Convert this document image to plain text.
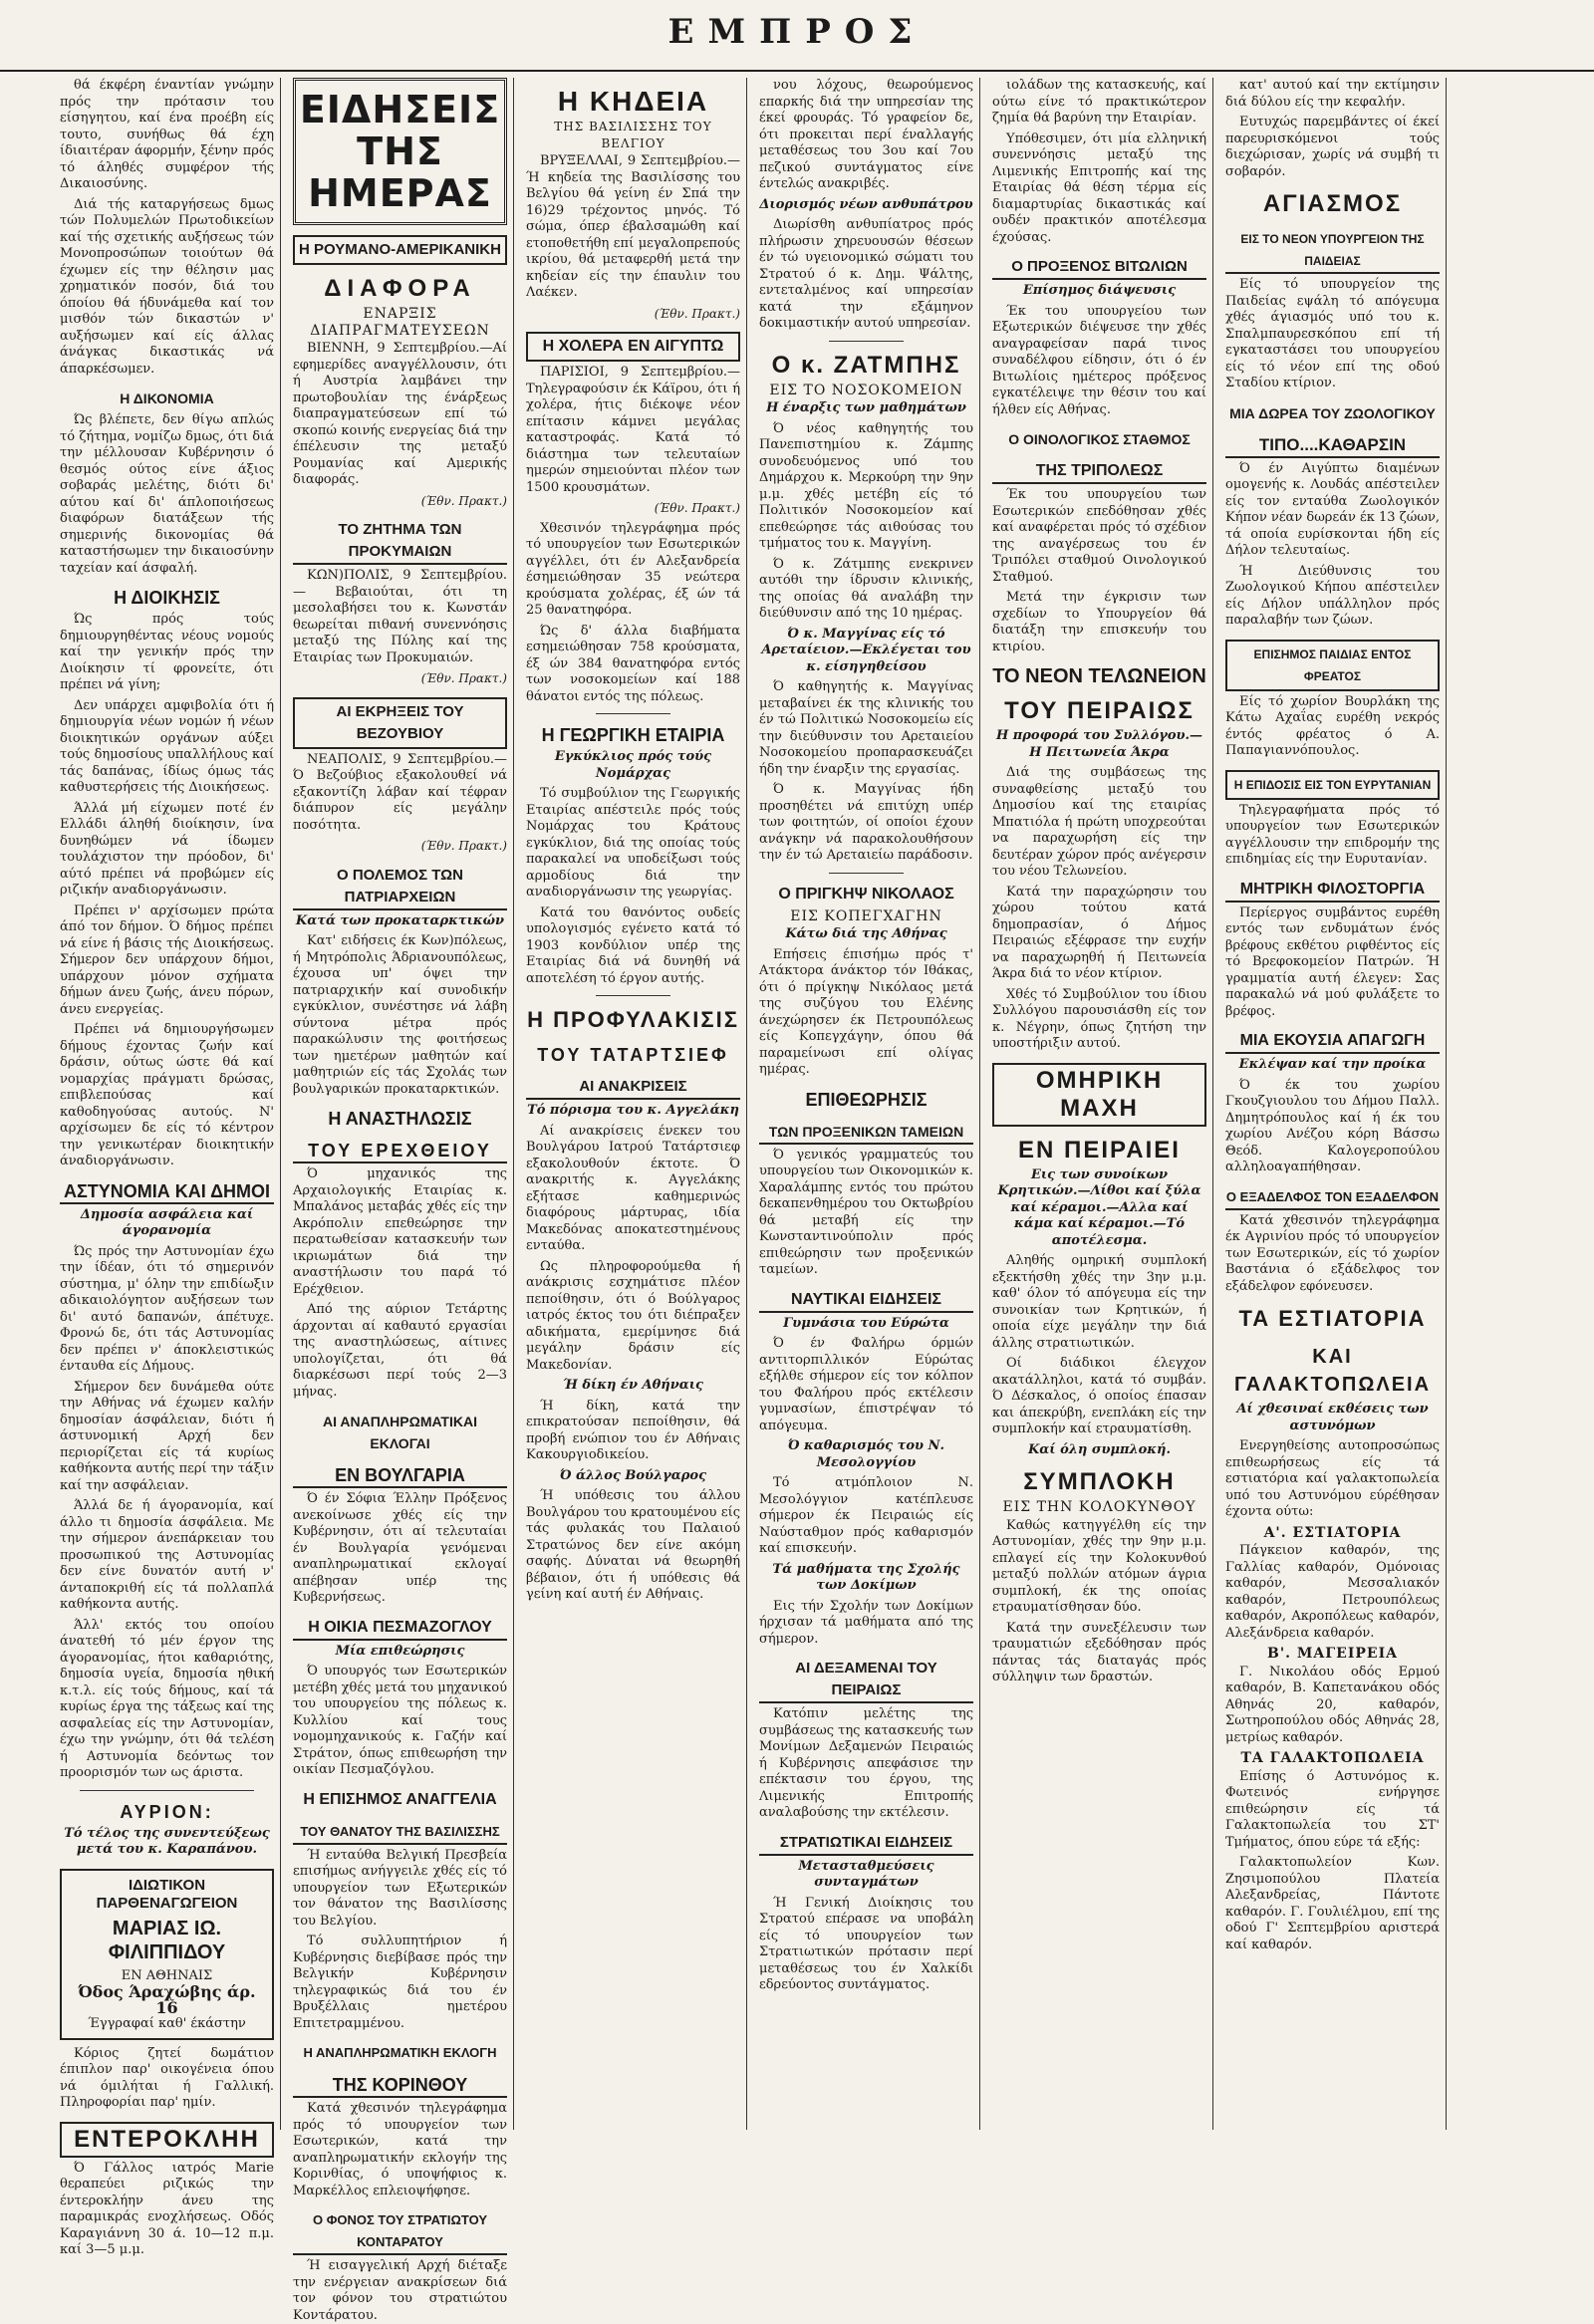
ΕΜΠΡΟΣ

θά έκφέρη έναντίαν γνώμην πρός την πρότασιν του είσηγητου, καί ένα προέβη είς τουτο, συνήθως θά έχη ίδιαιτέραν άφορμήν, ξένην πρός τό άληθές συμφέρον τής Δικαιοσύνης.

Διά τής καταργήσεως δμως τών Πολυμελών Πρωτοδικείων καί τής σχετικής αυξήσεως τών Μονοπροσώπων τοιούτων θά έχωμεν είς την θέλησιν μας χρηματικόν ποσόν, διά του όποίου θά ήδυνάμεθα καί τον μισθόν τών δικαστών ν' αυξήσωμεν καί είς άλλας άνάγκας δικαστικάς νά άπαρκέσωμεν.

Η ΔΙΚΟΝΟΜΙΑ

Ώς βλέπετε, δεν θίγω απλώς τό ζήτημα, νομίζω δμως, ότι διά την μέλλουσαν Κυβέρνησιν ό θεσμός ούτος είνε άξιος σοβαράς μελέτης, διότι δι' αύτου καί δι' άπλοποιήσεως διαφόρων διατάξεων τής σημερινής δικονομίας θά καταστήσωμεν την δικαιοσύνην ταχείαν καί άσφαλή.

Η ΔΙΟΙΚΗΣΙΣ

Ώς πρός τούς δημιουργηθέντας νέους νομούς καί την γενικήν πρός την Διοίκησιν τί φρονείτε, ότι πρέπει νά γίνη;

Δεν υπάρχει αμφιβολία ότι ή δημιουργία νέων νομών ή νέων διοικητικών οργάνων αύξει τούς δημοσίους υπαλλήλους καί τάς δαπάνας, ίδίως όμως τάς καθυστερήσεις τής Διοικήσεως.

Άλλά μή είχωμεν ποτέ έν Ελλάδι άληθή διοίκησιν, ίνα δυνηθώμεν νά ίδωμεν τουλάχιστον την πρόοδον, δι' αύτό πρέπει νά προβώμεν είς ριζικήν αναδιοργάνωσιν.

Πρέπει ν' αρχίσωμεν πρώτα άπό τον δήμον. Ό δήμος πρέπει νά είνε ή βάσις τής Διοικήσεως. Σήμερον δεν υπάρχουν δήμοι, υπάρχουν μόνον σχήματα δήμων άνευ ζωής, άνευ πόρων, άνευ ενεργείας.

Πρέπει νά δημιουργήσωμεν δήμους έχοντας ζωήν καί δράσιν, ούτως ώστε θά καί νομαρχίας πράγματι δρώσας, επιβλεπούσας καί καθοδηγούσας αυτούς. Ν' αρχίσωμεν δε είς τό κέντρον την γενικωτέραν διοικητικήν άναδιοργάνωσιν.

ΑΣΤΥΝΟΜΙΑ ΚΑΙ ΔΗΜΟΙ
Δημοσία ασφάλεια καί άγορανομία

Ώς πρός την Αστυνομίαν έχω την ίδέαν, ότι τό σημερινόν σύστημα, μ' όλην την επιδίωξιν αδικαιολόγητον αυξήσεων των δι' αυτό δαπανών, άπέτυχε. Φρονώ δε, ότι τάς Αστυνομίας δεν πρέπει ν' άποκλειστικώς ένταυθα είς Δήμους.

Σήμερον δεν δυνάμεθα ούτε την Αθήνας νά έχωμεν καλήν δημοσίαν άσφάλειαν, διότι ή άστυνομική Αρχή δεν περιορίζεται είς τά κυρίως καθήκοντα αυτής περί την τάξιν καί την ασφάλειαν.

Άλλά δε ή άγορανομία, καί άλλο τι δημοσία άσφάλεια. Με την σήμερον άνεπάρκειαν του προσωπικού της Αστυνομίας δεν είνε δυνατόν αυτή ν' άνταποκριθή είς τά πολλαπλά καθήκοντα αυτής.

Άλλ' εκτός του οποίου άνατεθή τό μέν έργον της άγορανομίας, ήτοι καθαριότης, δημοσία υγεία, δημοσία ηθική κ.τ.λ. είς τούς δήμους, καί τά κυρίως έργα της τάξεως καί της ασφαλείας είς την Αστυνομίαν, έχω την γνώμην, ότι θά τελέση ή Αστυνομία δεόντως τον προορισμόν των ως άριστα.

ΑΥΡΙΟΝ:
Τό τέλος της συνεντεύξεως μετά του κ. Καραπάνου.
ΙΔΙΩΤΙΚΟΝ ΠΑΡΘΕΝΑΓΩΓΕΙΟΝ
ΜΑΡΙΑΣ ΙΩ. ΦΙΛΙΠΠΙΔΟΥ
ΕΝ ΑΘΗΝΑΙΣ
Όδος Άραχώβης άρ. 16
Έγγραφαί καθ' έκάστην

Κόριος ζητεί δωμάτιον έπιπλον παρ' οικογένεια όπου νά όμιλήται ή Γαλλική. Πληροφορίαι παρ' ημίν.

ΕΝΤΕΡΟΚΛΗΗ

Ό Γάλλος ιατρός Marie θεραπεύει ριζικώς την έντεροκλήην άνευ της παραμικράς ενοχλήσεως. Οδός Καραγιάννη 30 ά. 10—12 π.μ. καί 3—5 μ.μ.

ΕΙΔΗΣΕΙΣ ΤΗΣ ΗΜΕΡΑΣ
Η ΡΟΥΜΑΝΟ-ΑΜΕΡΙΚΑΝΙΚΗ
ΔΙΑΦΟΡΑ
ΕΝΑΡΞΙΣ ΔΙΑΠΡΑΓΜΑΤΕΥΣΕΩΝ

ΒΙΕΝΝΗ, 9 Σεπτεμβρίου.—Αί εφημερίδες αναγγέλλουσιν, ότι ή Αυστρία λαμβάνει την πρωτοβουλίαν της ένάρξεως διαπραγματεύσεων επί τώ σκοπώ κοινής ενεργείας διά την έπέλευσιν της μεταξύ Ρουμανίας καί Αμερικής διαφοράς.

(Έθν. Πρακτ.)
ΤΟ ΖΗΤΗΜΑ ΤΩΝ ΠΡΟΚΥΜΑΙΩΝ

ΚΩΝ)ΠΟΛΙΣ, 9 Σεπτεμβρίου.— Βεβαιούται, ότι τη μεσολαβήσει του κ. Κωνστάν θεωρείται πιθανή συνεννόησις μεταξύ της Πύλης καί της Εταιρίας των Προκυμαιών.

(Έθν. Πρακτ.)
ΑΙ ΕΚΡΗΞΕΙΣ ΤΟΥ ΒΕΖΟΥΒΙΟΥ

ΝΕΑΠΟΛΙΣ, 9 Σεπτεμβρίου.—Ό Βεζούβιος εξακολουθεί νά εξακοντίζη λάβαν καί τέφραν διάπυρον είς μεγάλην ποσότητα.

(Έθν. Πρακτ.)
Ο ΠΟΛΕΜΟΣ ΤΩΝ ΠΑΤΡΙΑΡΧΕΙΩΝ
Κατά των προκαταρκτικών

Κατ' ειδήσεις έκ Κων)πόλεως, ή Μητρόπολις Άδριανουπόλεως, έχουσα υπ' όψει την πατριαρχικήν καί συνοδικήν εγκύκλιον, συνέστησε νά λάβη σύντονα μέτρα πρός παρακώλυσιν της φοιτήσεως των ημετέρων μαθητών καί μαθητριών είς τάς Σχολάς των βουλγαρικών προκαταρκτικών.

Η ΑΝΑΣΤΗΛΩΣΙΣ
ΤΟΥ ΕΡΕΧΘΕΙΟΥ

Ό μηχανικός της Αρχαιολογικής Εταιρίας κ. Μπαλάνος μεταβάς χθές είς την Ακρόπολιν επεθεώρησε την περατωθείσαν κατασκευήν των ικριωμάτων διά την αναστήλωσιν του παρά τό Ερέχθειον.

Από της αύριον Τετάρτης άρχονται αί καθαυτό εργασίαι της αναστηλώσεως, αίτινες υπολογίζεται, ότι θά διαρκέσωσι περί τούς 2—3 μήνας.

ΑΙ ΑΝΑΠΛΗΡΩΜΑΤΙΚΑΙ ΕΚΛΟΓΑΙ
ΕΝ ΒΟΥΛΓΑΡΙΑ

Ό έν Σόφια Έλλην Πρόξενος ανεκοίνωσε χθές είς την Κυβέρνησιν, ότι αί τελευταίαι έν Βουλγαρία γενόμεναι αναπληρωματικαί εκλογαί απέβησαν υπέρ της Κυβερνήσεως.

Η ΟΙΚΙΑ ΠΕΣΜΑΖΟΓΛΟΥ
Μία επιθεώρησις

Ό υπουργός των Εσωτερικών μετέβη χθές μετά του μηχανικού του υπουργείου της πόλεως κ. Κυλλίου καί τους νομομηχανικούς κ. Γαζήν καί Στράτον, όπως επιθεωρήση την οικίαν Πεσμαζόγλου.

Η ΕΠΙΣΗΜΟΣ ΑΝΑΓΓΕΛΙΑ
ΤΟΥ ΘΑΝΑΤΟΥ ΤΗΣ ΒΑΣΙΛΙΣΣΗΣ

Ή ενταύθα Βελγική Πρεσβεία επισήμως ανήγγειλε χθές είς τό υπουργείον των Εξωτερικών τον θάνατον της Βασιλίσσης του Βελγίου.

Τό συλλυπητήριον ή Κυβέρνησις διεβίβασε πρός την Βελγικήν Κυβέρνησιν τηλεγραφικώς διά του έν Βρυξέλλαις ημετέρου Επιτετραμμένου.

Η ΑΝΑΠΛΗΡΩΜΑΤΙΚΗ ΕΚΛΟΓΗ
ΤΗΣ ΚΟΡΙΝΘΟΥ

Κατά χθεσινόν τηλεγράφημα πρός τό υπουργείον των Εσωτερικών, κατά την αναπληρωματικήν εκλογήν της Κορινθίας, ό υποψήφιος κ. Μαρκέλλος επλειοψήφησε.

Ο ΦΟΝΟΣ ΤΟΥ ΣΤΡΑΤΙΩΤΟΥ ΚΟΝΤΑΡΑΤΟΥ

Ή εισαγγελική Αρχή διέταξε την ενέργειαν ανακρίσεων διά τον φόνον του στρατιώτου Κοντάρατου.

Η ΚΗΔΕΙΑ
ΤΗΣ ΒΑΣΙΛΙΣΣΗΣ ΤΟΥ ΒΕΛΓΙΟΥ

ΒΡΥΞΕΛΛΑΙ, 9 Σεπτεμβρίου.—Ή κηδεία της Βασιλίσσης του Βελγίου θά γείνη έν Σπά την 16)29 τρέχοντος μηνός. Τό σώμα, όπερ έβαλσαμώθη καί ετοποθετήθη επί μεγαλοπρεπούς ικρίου, θά μεταφερθή μετά την κηδείαν είς την έπαυλιν του Λαέκεν.

(Έθν. Πρακτ.)
Η ΧΟΛΕΡΑ ΕΝ ΑΙΓΥΠΤΩ

ΠΑΡΙΣΙΟΙ, 9 Σεπτεμβρίου.—Τηλεγραφούσιν έκ Κάϊρου, ότι ή χολέρα, ήτις διέκοψε νέον επίτασιν κάμνει μεγάλας καταστροφάς. Κατά τό διάστημα των τελευταίων ημερών σημειούνται πλέον των 1500 κρουσμάτων.

(Έθν. Πρακτ.)

Χθεσινόν τηλεγράφημα πρός τό υπουργείον των Εσωτερικών αγγέλλει, ότι έν Αλεξανδρεία έσημειώθησαν 35 νεώτερα κρούσματα χολέρας, έξ ών τά 25 θανατηφόρα.

Ώς δ' άλλα διαβήματα εσημειώθησαν 758 κρούσματα, έξ ών 384 θανατηφόρα εντός των νοσοκομείων καί 188 θάνατοι εντός της πόλεως.

Η ΓΕΩΡΓΙΚΗ ΕΤΑΙΡΙΑ
Εγκύκλιος πρός τούς Νομάρχας

Τό συμβούλιον της Γεωργικής Εταιρίας απέστειλε πρός τούς Νομάρχας του Κράτους εγκύκλιον, διά της οποίας τούς παρακαλεί να υποδείξωσι τούς αρμοδίους διά την αναδιοργάνωσιν της γεωργίας.

Κατά του θανόντος ουδείς υπολογισμός εγένετο κατά τό 1903 κονδύλιον υπέρ της Εταιρίας διά νά δυνηθή νά αποτελέση τό έργον αυτής.

Η ΠΡΟΦΥΛΑΚΙΣΙΣ
ΤΟΥ ΤΑΤΑΡΤΣΙΕΦ
ΑΙ ΑΝΑΚΡΙΣΕΙΣ
Τό πόρισμα του κ. Αγγελάκη

Αί ανακρίσεις ένεκεν του Βουλγάρου Ιατρού Τατάρτσιεφ εξακολουθούν έκτοτε. Ό ανακριτής κ. Αγγελάκης εξήτασε καθημερινώς διαφόρους μάρτυρας, ιδία Μακεδόνας αποκατεστημένους ενταύθα.

Ως πληροφορούμεθα ή ανάκρισις εσχημάτισε πλέον πεποίθησιν, ότι ό Βούλγαρος ιατρός έκτος του ότι διέπραξεν αδικήματα, εμερίμνησε διά μεγάλην δράσιν είς Μακεδονίαν.

Ή δίκη έν Αθήναις

Ή δίκη, κατά την επικρατούσαν πεποίθησιν, θά προβή ενώπιον του έν Αθήναις Κακουργιοδικείου.

Ό άλλος Βούλγαρος

Ή υπόθεσις του άλλου Βουλγάρου του κρατουμένου είς τάς φυλακάς του Παλαιού Στρατώνος δεν είνε ακόμη σαφής. Δύναται νά θεωρηθή βέβαιον, ότι ή υπόθεσις θά γείνη καί αυτή έν Αθήναις.

νου λόχους, θεωρούμενος επαρκής διά την υπηρεσίαν της έκεί φρουράς. Τό γραφείον δε, ότι προκειται περί έναλλαγής μεταθέσεως του 3ου καί 7ου πεζικού συντάγματος είνε έντελώς ανακριβές.

Διορισμός νέων ανθυπάτρου

Διωρίσθη ανθυπίατρος πρός πλήρωσιν χηρευουσών θέσεων έν τώ υγειονομικώ σώματι του Στρατού ό κ. Δημ. Ψάλτης, εντεταλμένος καί υπηρεσίαν κατά την εξάμηνον δοκιμαστικήν αυτού υπηρεσίαν.

Ο κ. ΖΑΤΜΠΗΣ
ΕΙΣ ΤΟ ΝΟΣΟΚΟΜΕΙΟΝ
Η έναρξις των μαθημάτων

Ό νέος καθηγητής του Πανεπιστημίου κ. Ζάμπης συνοδευόμενος υπό του Δημάρχου κ. Μερκούρη την 9ην μ.μ. χθές μετέβη είς τό Πολιτικόν Νοσοκομείον καί επεθεώρησε τάς αιθούσας του τμήματος του κ. Μαγγίνη.

Ό κ. Ζάτμπης ενεκρινεν αυτόθι την ίδρυσιν κλινικής, της οποίας θά αναλάβη την διεύθυνσιν από της 10 ημέρας.

Ό κ. Μαγγίνας είς τό Αρεταίειον.—Εκλέγεται του κ. είσηγηθείσου

Ό καθηγητής κ. Μαγγίνας μεταβαίνει έκ της κλινικής του έν τώ Πολιτικώ Νοσοκομείω είς την διεύθυνσιν του Αρεταιείου Νοσοκομείου προπαρασκευάζει ήδη την έναρξιν της εργασίας.

Ό κ. Μαγγίνας ήδη προσηθέτει νά επιτύχη υπέρ των φοιτητών, οί οποίοι έχουν ανάγκην νά παρακολουθήσουν την έν τώ Αρεταιείω παράδοσιν.

Ο ΠΡΙΓΚΗΨ ΝΙΚΟΛΑΟΣ
ΕΙΣ ΚΟΠΕΓΧΑΓΗΝ
Κάτω διά της Αθήνας

Επήσεις έπισήμω πρός τ' Ατάκτορα άνάκτορ τόν Ιθάκας, ότι ό πρίγκηψ Νικόλαος μετά της συζύγου του Ελένης άνεχώρησεν έκ Πετρουπόλεως είς Κοπεγχάγην, όπου θά παραμείνωσι επί ολίγας ημέρας.

ΕΠΙΘΕΩΡΗΣΙΣ
ΤΩΝ ΠΡΟΞΕΝΙΚΩΝ ΤΑΜΕΙΩΝ

Ό γενικός γραμματεύς του υπουργείου των Οικονομικών κ. Χαραλάμπης εντός του πρώτου δεκαπενθημέρου του Οκτωβρίου θά μεταβή είς την Κωνσταντινούπολιν πρός επιθεώρησιν των προξενικών ταμείων.

ΝΑΥΤΙΚΑΙ ΕΙΔΗΣΕΙΣ
Γυμνάσια του Εύρώτα

Ό έν Φαλήρω όρμών αντιτορπιλλικόν Εύρώτας εξήλθε σήμερον είς τον κόλπον του Φαλήρου πρός εκτέλεσιν γυμνασίων, έπιστρέψαν τό απόγευμα.

Ό καθαρισμός του Ν. Μεσολογγίου

Τό ατμόπλοιον Ν. Μεσολόγγιον κατέπλευσε σήμερον έκ Πειραιώς είς Ναύσταθμον πρός καθαρισμόν καί επισκευήν.

Τά μαθήματα της Σχολής των Δοκίμων

Εις τήν Σχολήν των Δοκίμων ήρχισαν τά μαθήματα από της σήμερον.

ΑΙ ΔΕΞΑΜΕΝΑΙ ΤΟΥ ΠΕΙΡΑΙΩΣ

Κατόπιν μελέτης της συμβάσεως της κατασκευής των Μονίμων Δεξαμενών Πειραιώς ή Κυβέρνησις απεφάσισε την επέκτασιν του έργου, της Λιμενικής Επιτροπής αναλαβούσης την εκτέλεσιν.

ΣΤΡΑΤΙΩΤΙΚΑΙ ΕΙΔΗΣΕΙΣ
Μετασταθμεύσεις συνταγμάτων

Ή Γενική Διοίκησις του Στρατού επέρασε να υποβάλη είς τό υπουργείον των Στρατιωτικών πρότασιν περί μεταθέσεως του έν Χαλκίδι εδρεύοντος συντάγματος.

ιολάδων της κατασκευής, καί ούτω είνε τό πρακτικώτερον ζημία θά βαρύνη την Εταιρίαν.

Υπόθεσιμεν, ότι μία ελληνική συνεννόησις μεταξύ της Λιμενικής Επιτροπής καί της Εταιρίας θά θέση τέρμα είς διαμαρτυρίας δικαστικάς καί ουδέν πρακτικόν αποτέλεσμα έχούσας.

Ο ΠΡΟΞΕΝΟΣ ΒΙΤΩΛΙΩΝ
Επίσημος διάψευσις

Έκ του υπουργείου των Εξωτερικών διέψευσε την χθές αναγραφείσαν παρά τινος συναδέλφου είδησιν, ότι ό έν Βιτωλίοις ημέτερος πρόξενος εγκατέλειψε την θέσιν του καί ήλθεν είς Αθήνας.

Ο ΟΙΝΟΛΟΓΙΚΟΣ ΣΤΑΘΜΟΣ
ΤΗΣ ΤΡΙΠΟΛΕΩΣ

Έκ του υπουργείου των Εσωτερικών επεδόθησαν χθές καί αναφέρεται πρός τό σχέδιον της αναγέρσεως του έν Τριπόλει σταθμού Οινολογικού Σταθμού.

Μετά την έγκρισιν των σχεδίων το Υπουργείον θά διατάξη την επισκευήν του κτιρίου.

ΤΟ ΝΕΟΝ ΤΕΛΩΝΕΙΟΝ
ΤΟΥ ΠΕΙΡΑΙΩΣ
Η προφορά του Συλλόγου.—Η Πειτωνεία Άκρα

Διά της συμβάσεως της συναφθείσης μεταξύ του Δημοσίου καί της εταιρίας Μπατιόλα ή πρώτη υποχρεούται να παραχωρήση είς την δευτέραν χώρον πρός ανέγερσιν του νέου Τελωνείου.

Κατά την παραχώρησιν του χώρου τούτου κατά δημοπρασίαν, ό Δήμος Πειραιώς εξέφρασε την ευχήν να παραχωρηθή ή Πειτωνεία Άκρα διά το νέον κτίριον.

Χθές τό Συμβούλιον του ίδιου Συλλόγου παρουσιάσθη είς τον κ. Νέγρην, όπως ζητήση την υποστήριξιν αυτού.

ΟΜΗΡΙΚΗ ΜΑΧΗ
ΕΝ ΠΕΙΡΑΙΕΙ
Εις των συνοίκων Κρητικών.—Λίθοι καί ξύλα καί κέραμοι.—Αλλα καί κάμα καί κέραμοι.—Τό αποτέλεσμα.

Αληθής ομηρική συμπλοκή εξεκτήσθη χθές την 3ην μ.μ. καθ' όλον τό απόγευμα είς την συνοικίαν των Κρητικών, ή οποία είχε μεγάλην την διά άλλης στρατιωτικών.

Οί διάδικοι έλεγχον ακατάλληλοι, κατά τό συμβάν. Ό Δέσκαλος, ό οποίος έπασαν και άπεκρύβη, ενεπλάκη είς την συμπλοκήν καί ετραυματίσθη.

Καί όλη συμπλοκή.
ΣΥΜΠΛΟΚΗ
ΕΙΣ ΤΗΝ ΚΟΛΟΚΥΝΘΟΥ

Καθώς κατηγγέλθη είς την Αστυνομίαν, χθές την 9ην μ.μ. επλαγεί είς την Κολοκυνθού μεταξύ πολλών ατόμων άγρια συμπλοκή, έκ της οποίας ετραυματίσθησαν δύο.

Κατά την συνεξέλευσιν των τραυματιών εξεδόθησαν πρός πάντας τάς διαταγάς πρός σύλληψιν των δραστών.

κατ' αυτού καί την εκτίμησιν διά δύλου είς την κεφαλήν.

Ευτυχώς παρεμβάντες οί έκεί παρευρισκόμενοι τούς διεχώρισαν, χωρίς νά συμβή τι σοβαρόν.

ΑΓΙΑΣΜΟΣ
ΕΙΣ ΤΟ ΝΕΟΝ ΥΠΟΥΡΓΕΙΟΝ ΤΗΣ ΠΑΙΔΕΙΑΣ

Είς τό υπουργείον της Παιδείας εψάλη τό απόγευμα χθές άγιασμός υπό του κ. Σπαλμπαυρεσκόπου επί τή εγκαταστάσει του υπουργείου είς τό νέον επί της οδού Σταδίου κτίριον.

ΜΙΑ ΔΩΡΕΑ ΤΟΥ ΖΩΟΛΟΓΙΚΟΥ
ΤΙΠΟ....ΚΑΘΑΡΣΙΝ

Ό έν Αιγύπτω διαμένων ομογενής κ. Λουδάς απέστειλεν είς τον ενταύθα Ζωολογικόν Κήπον νέαν δωρεάν έκ 13 ζώων, τά οποία ευρίσκονται ήδη είς Δήλον τελευταίως.

Ή Διεύθυνσις του Ζωολογικού Κήπου απέστειλεν είς Δήλον υπάλληλον πρός παραλαβήν των ζώων.

ΕΠΙΣΗΜΟΣ ΠΑΙΔΙΑΣ ΕΝΤΟΣ ΦΡΕΑΤΟΣ

Είς τό χωρίον Βουρλάκη της Κάτω Αχαΐας ευρέθη νεκρός έντός φρέατος ό Α. Παπαγιαννόπουλος.

Η ΕΠΙΔΟΣΙΣ ΕΙΣ ΤΟΝ ΕΥΡΥΤΑΝΙΑΝ

Τηλεγραφήματα πρός τό υπουργείον των Εσωτερικών αγγέλλουσιν την επιδρομήν της επιδημίας είς την Ευρυτανίαν.

ΜΗΤΡΙΚΗ ΦΙΛΟΣΤΟΡΓΙΑ

Περίεργος συμβάντος ευρέθη εντός των ενδυμάτων ένός βρέφους εκθέτου ριφθέντος είς τό Βρεφοκομείον Πατρών. Ή γραμματία αυτή έλεγεν: Σας παρακαλώ νά μού φυλάξετε το βρέφος.

ΜΙΑ ΕΚΟΥΣΙΑ ΑΠΑΓΩΓΗ
Εκλέψαν καί την προίκα

Ό έκ του χωρίου Γκουζγιουλου του Δήμου Παλλ. Δημητρόπουλος καί ή έκ του χωρίου Ανέζου κόρη Βάσσω Θεόδ. Καλογεροπούλου αλληλοαγαπήθησαν.

Ο ΕΞΑΔΕΛΦΟΣ ΤΟΝ ΕΞΑΔΕΛΦΟΝ

Κατά χθεσινόν τηλεγράφημα έκ Αγρινίου πρός τό υπουργείον των Εσωτερικών, είς τό χωρίον Βαστάνια ό εξάδελφος τον εξάδελφον εφόνευσεν.

ΤΑ ΕΣΤΙΑΤΟΡΙΑ
ΚΑΙ ΓΑΛΑΚΤΟΠΩΛΕΙΑ
Αί χθεσιναί εκθέσεις των αστυνόμων

Ενεργηθείσης αυτοπροσώπως επιθεωρήσεως είς τά εστιατόρια καί γαλακτοπωλεία υπό του Αστυνόμου εύρέθησαν έχοντα ούτω:

Α'. ΕΣΤΙΑΤΟΡΙΑ

Πάγκειον καθαρόν, της Γαλλίας καθαρόν, Ομόνοιας καθαρόν, Μεσσαλιακόν καθαρόν, Πετρουπόλεως καθαρόν, Ακροπόλεως καθαρόν, Αλεξάνδρεια καθαρόν.

Β'. ΜΑΓΕΙΡΕΙΑ

Γ. Νικολάου οδός Ερμού καθαρόν, Β. Καπετανάκου οδός Αθηνάς 20, καθαρόν, Σωτηροπούλου οδός Αθηνάς 28, μετρίως καθαρόν.

ΤΑ ΓΑΛΑΚΤΟΠΩΛΕΙΑ

Επίσης ό Αστυνόμος κ. Φωτεινός ενήργησε επιθεώρησιν είς τά Γαλακτοπωλεία του ΣΤ' Τμήματος, όπου εύρε τά εξής:

Γαλακτοπωλείον Κων. Ζησιμοπούλου Πλατεία Αλεξανδρείας, Πάντοτε καθαρόν. Γ. Γουλιέλμου, επί της οδού Γ' Σεπτεμβρίου αριστερά καί καθαρόν.
